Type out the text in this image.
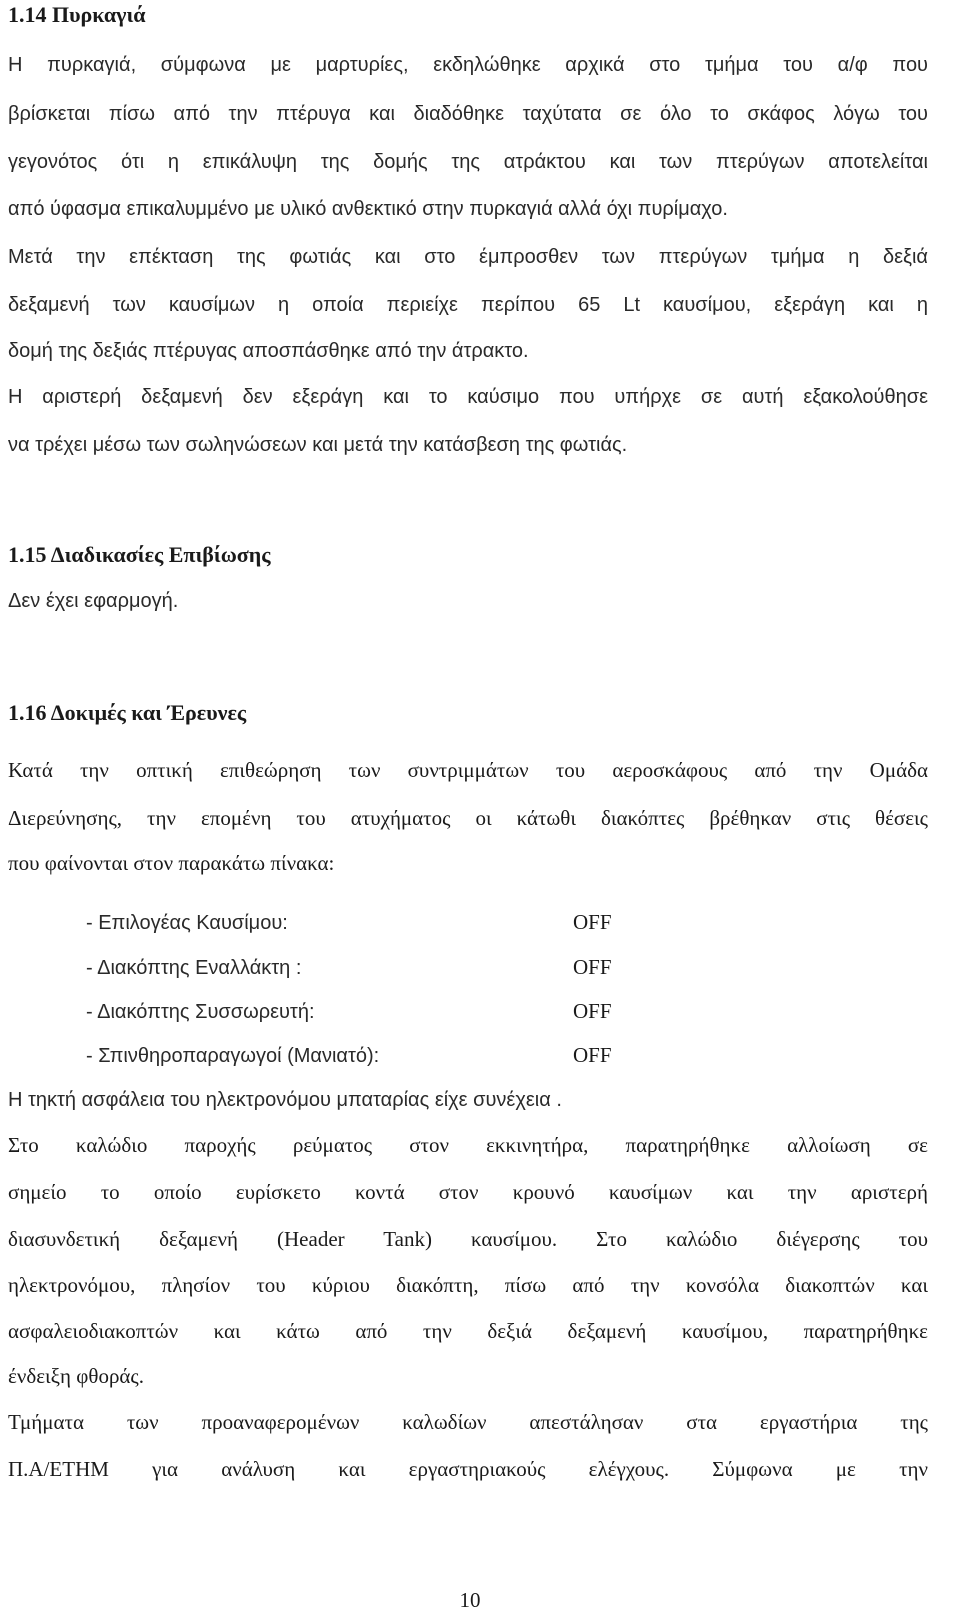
1.14 Πυρκαγιά
Η πυρκαγιά, σύμφωνα με μαρτυρίες, εκδηλώθηκε αρχικά στο τμήμα του α/φ που
βρίσκεται πίσω από την πτέρυγα και διαδόθηκε ταχύτατα σε όλο το σκάφος λόγω του
γεγονότος ότι η επικάλυψη της δομής της ατράκτου και των πτερύγων αποτελείται
από ύφασμα επικαλυμμένο με υλικό ανθεκτικό στην πυρκαγιά αλλά όχι πυρίμαχο.
Μετά την επέκταση της φωτιάς και στο έμπροσθεν των πτερύγων τμήμα η δεξιά
δεξαμενή των καυσίμων η οποία περιείχε περίπου 65 Lt καυσίμου, εξεράγη και η
δομή της δεξιάς πτέρυγας αποσπάσθηκε από την άτρακτο.
Η αριστερή δεξαμενή δεν εξεράγη και το καύσιμο που υπήρχε σε αυτή εξακολούθησε
να τρέχει μέσω των σωληνώσεων και μετά την κατάσβεση της φωτιάς.
1.15 Διαδικασίες Επιβίωσης
Δεν έχει εφαρμογή.
1.16 Δοκιμές και Έρευνες
Κατά την οπτική επιθεώρηση των συντριμμάτων του αεροσκάφους από την Ομάδα
Διερεύνησης, την επομένη του ατυχήματος οι κάτωθι διακόπτες βρέθηκαν στις θέσεις
που φαίνονται στον παρακάτω πίνακα:
- Επιλογέας Καυσίμου:	OFF
- Διακόπτης Εναλλάκτη :	OFF
- Διακόπτης Συσσωρευτή:	OFF
- Σπινθηροπαραγωγοί (Μανιατό):	OFF
Η τηκτή ασφάλεια του ηλεκτρονόμου μπαταρίας είχε συνέχεια .
Στο καλώδιο παροχής ρεύματος στον εκκινητήρα, παρατηρήθηκε αλλοίωση σε
σημείο το οποίο ευρίσκετο κοντά στον κρουνό καυσίμων και την αριστερή
διασυνδετική δεξαμενή (Header Tank) καυσίμου. Στο καλώδιο διέγερσης του
ηλεκτρονόμου, πλησίον του κύριου διακόπτη, πίσω από την κονσόλα διακοπτών και
ασφαλειοδιακοπτών και κάτω από την δεξιά δεξαμενή καυσίμου, παρατηρήθηκε
ένδειξη φθοράς.
Τμήματα των προαναφερομένων καλωδίων απεστάλησαν στα εργαστήρια της
Π.Α/ΕΤΗΜ για ανάλυση και εργαστηριακούς ελέγχους. Σύμφωνα με την
10
